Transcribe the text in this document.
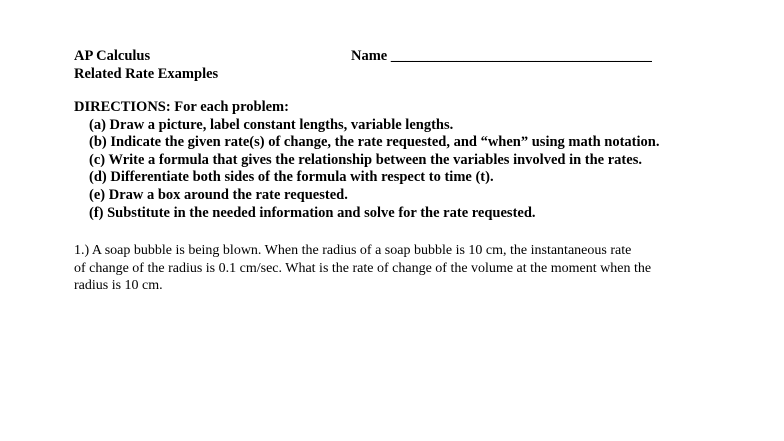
AP Calculus
Related Rate Examples
Name ____________________________________
DIRECTIONS: For each problem:
(a) Draw a picture, label constant lengths, variable lengths.
(b) Indicate the given rate(s) of change, the rate requested, and “when” using math notation.
(c) Write a formula that gives the relationship between the variables involved in the rates.
(d) Differentiate both sides of the formula with respect to time (t).
(e) Draw a box around the rate requested.
(f) Substitute in the needed information and solve for the rate requested.
1.) A soap bubble is being blown. When the radius of a soap bubble is 10 cm, the instantaneous rate
of change of the radius is 0.1 cm/sec. What is the rate of change of the volume at the moment when the
radius is 10 cm.
